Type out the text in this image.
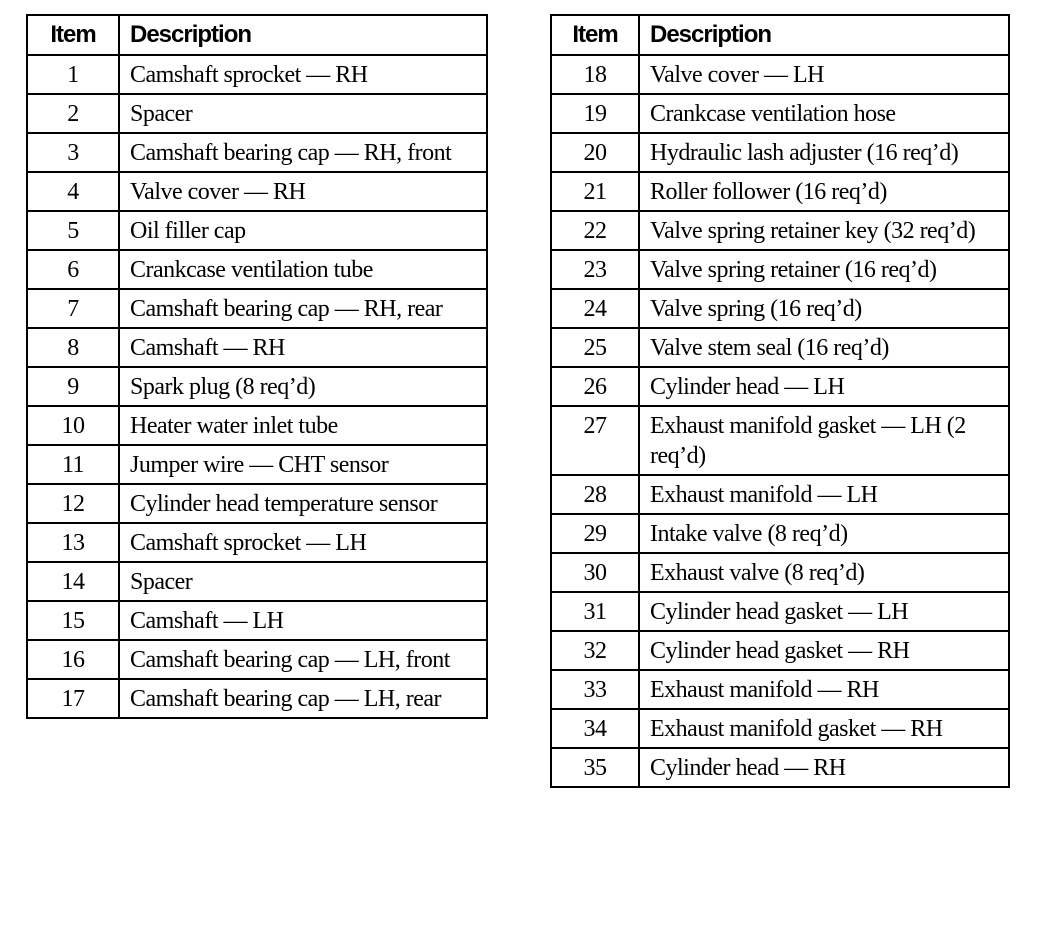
Item	Description
1	Camshaft sprocket — RH
2	Spacer
3	Camshaft bearing cap — RH, front
4	Valve cover — RH
5	Oil filler cap
6	Crankcase ventilation tube
7	Camshaft bearing cap — RH, rear
8	Camshaft — RH
9	Spark plug (8 req’d)
10	Heater water inlet tube
11	Jumper wire — CHT sensor
12	Cylinder head temperature sensor
13	Camshaft sprocket — LH
14	Spacer
15	Camshaft — LH
16	Camshaft bearing cap — LH, front
17	Camshaft bearing cap — LH, rear
Item	Description
18	Valve cover — LH
19	Crankcase ventilation hose
20	Hydraulic lash adjuster (16 req’d)
21	Roller follower (16 req’d)
22	Valve spring retainer key (32 req’d)
23	Valve spring retainer (16 req’d)
24	Valve spring (16 req’d)
25	Valve stem seal (16 req’d)
26	Cylinder head — LH
27	Exhaust manifold gasket — LH (2 req’d)
28	Exhaust manifold — LH
29	Intake valve (8 req’d)
30	Exhaust valve (8 req’d)
31	Cylinder head gasket — LH
32	Cylinder head gasket — RH
33	Exhaust manifold — RH
34	Exhaust manifold gasket — RH
35	Cylinder head — RH
